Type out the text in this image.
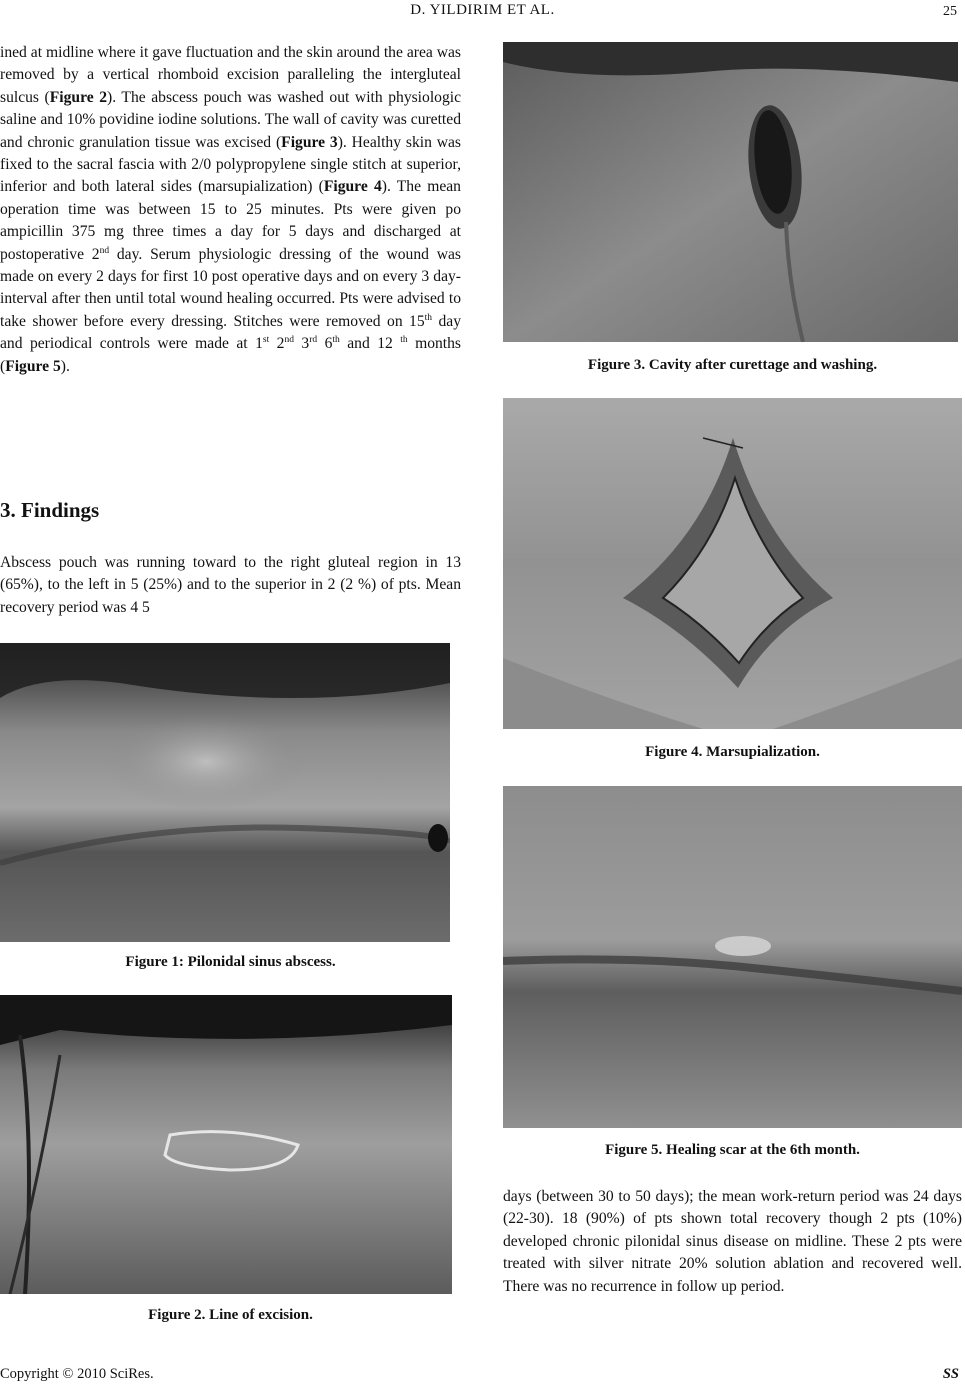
D. YILDIRIM ET AL.	25
ined at midline where it gave fluctuation and the skin around the area was removed by a vertical rhomboid excision paralleling the intergluteal sulcus (Figure 2). The abscess pouch was washed out with physiologic saline and 10% povidine iodine solutions. The wall of cavity was curetted and chronic granulation tissue was excised (Figure 3). Healthy skin was fixed to the sacral fascia with 2/0 polypropylene single stitch at superior, inferior and both lateral sides (marsupialization) (Figure 4). The mean operation time was between 15 to 25 minutes. Pts were given po ampicillin 375 mg three times a day for 5 days and discharged at postoperative 2nd day. Serum physiologic dressing of the wound was made on every 2 days for first 10 post operative days and on every 3 day-interval after then until total wound healing occurred. Pts were advised to take shower before every dressing. Stitches were removed on 15th day and periodical controls were made at 1st 2nd 3rd 6th and 12 $^{th}$ months (Figure 5).
3. Findings
Abscess pouch was running toward to the right gluteal region in 13 (65%), to the left in 5 (25%) and to the superior in 2 (2 %) of pts. Mean recovery period was 4 5
Figure 1: Pilonidal sinus abscess.
Figure 2. Line of excision.
Figure 3. Cavity after curettage and washing.
Figure 4. Marsupialization.
Figure 5. Healing scar at the 6th month.
days (between 30 to 50 days); the mean work-return period was 24 days (22-30). 18 (90%) of pts shown total recovery though 2 pts (10%) developed chronic pilonidal sinus disease on midline. These 2 pts were treated with silver nitrate 20% solution ablation and recovered well. There was no recurrence in follow up period.
Copyright © 2010 SciRes.	SS
